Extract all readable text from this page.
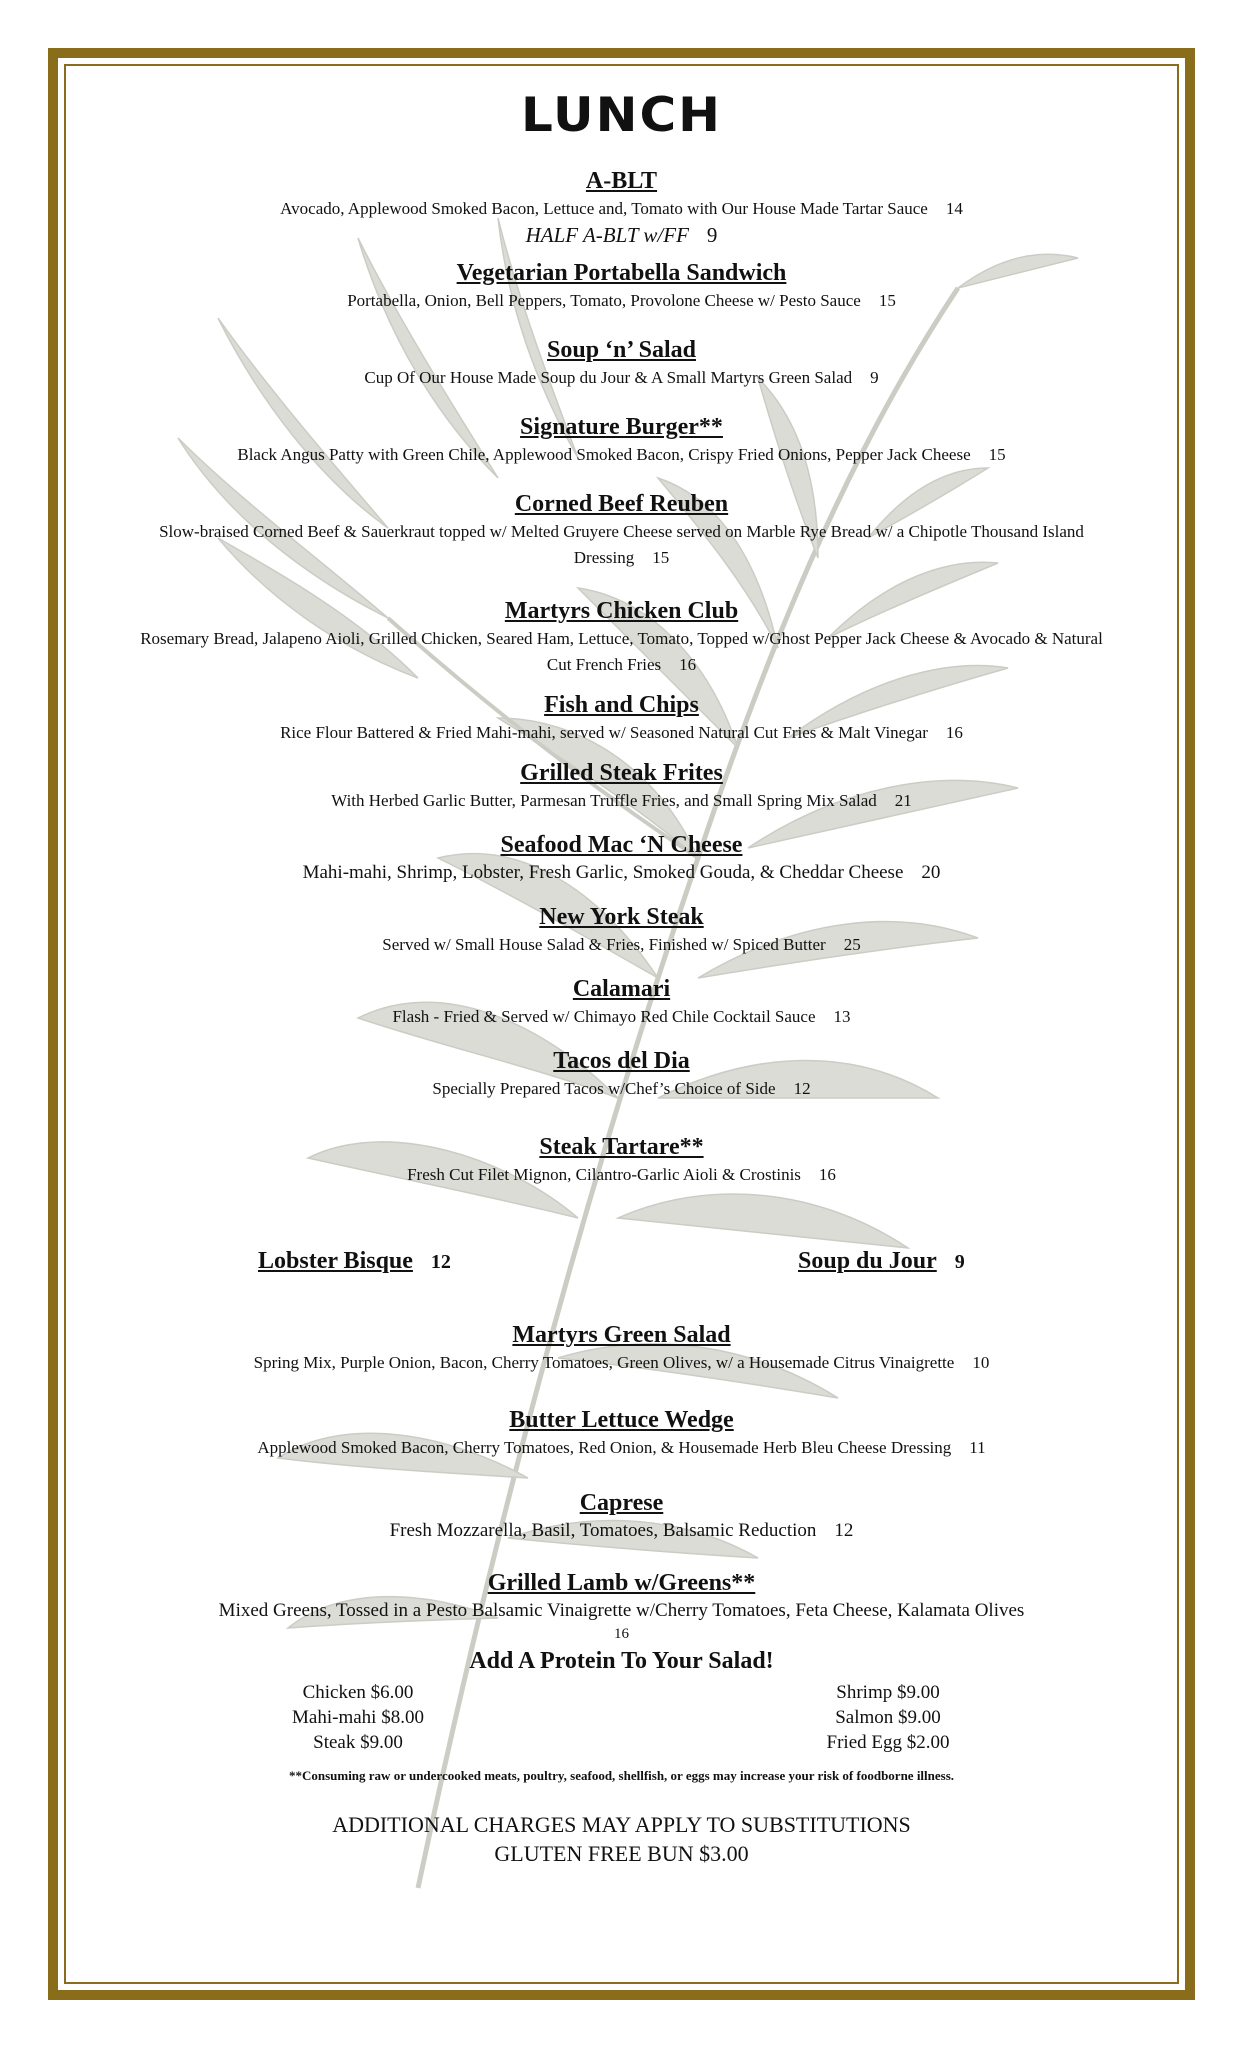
LUNCH
A-BLT
Avocado, Applewood Smoked Bacon, Lettuce and, Tomato with Our House Made Tartar Sauce 14
HALF A-BLT w/FF 9
Vegetarian Portabella Sandwich
Portabella, Onion, Bell Peppers, Tomato, Provolone Cheese w/ Pesto Sauce 15
Soup ‘n’ Salad
Cup Of Our House Made Soup du Jour & A Small Martyrs Green Salad 9
Signature Burger**
Black Angus Patty with Green Chile, Applewood Smoked Bacon, Crispy Fried Onions, Pepper Jack Cheese 15
Corned Beef Reuben
Slow-braised Corned Beef & Sauerkraut topped w/ Melted Gruyere Cheese served on Marble Rye Bread w/ a Chipotle Thousand Island Dressing 15
Martyrs Chicken Club
Rosemary Bread, Jalapeno Aioli, Grilled Chicken, Seared Ham, Lettuce, Tomato, Topped w/Ghost Pepper Jack Cheese & Avocado & Natural Cut French Fries 16
Fish and Chips
Rice Flour Battered & Fried Mahi-mahi, served w/ Seasoned Natural Cut Fries & Malt Vinegar 16
Grilled Steak Frites
With Herbed Garlic Butter, Parmesan Truffle Fries, and Small Spring Mix Salad 21
Seafood Mac ‘N Cheese
Mahi-mahi, Shrimp, Lobster, Fresh Garlic, Smoked Gouda, & Cheddar Cheese 20
New York Steak
Served w/ Small House Salad & Fries, Finished w/ Spiced Butter 25
Calamari
Flash - Fried & Served w/ Chimayo Red Chile Cocktail Sauce 13
Tacos del Dia
Specially Prepared Tacos w/Chef’s Choice of Side 12
Steak Tartare**
Fresh Cut Filet Mignon, Cilantro-Garlic Aioli & Crostinis 16
Lobster Bisque 12	Soup du Jour 9
Martyrs Green Salad
Spring Mix, Purple Onion, Bacon, Cherry Tomatoes, Green Olives, w/ a Housemade Citrus Vinaigrette 10
Butter Lettuce Wedge
Applewood Smoked Bacon, Cherry Tomatoes, Red Onion, & Housemade Herb Bleu Cheese Dressing 11
Caprese
Fresh Mozzarella, Basil, Tomatoes, Balsamic Reduction 12
Grilled Lamb w/Greens**
Mixed Greens, Tossed in a Pesto Balsamic Vinaigrette w/Cherry Tomatoes, Feta Cheese, Kalamata Olives
16
Add A Protein To Your Salad!
Chicken $6.00
Mahi-mahi $8.00
Steak $9.00
Shrimp $9.00
Salmon $9.00
Fried Egg $2.00
**Consuming raw or undercooked meats, poultry, seafood, shellfish, or eggs may increase your risk of foodborne illness.
ADDITIONAL CHARGES MAY APPLY TO SUBSTITUTIONS
GLUTEN FREE BUN $3.00
